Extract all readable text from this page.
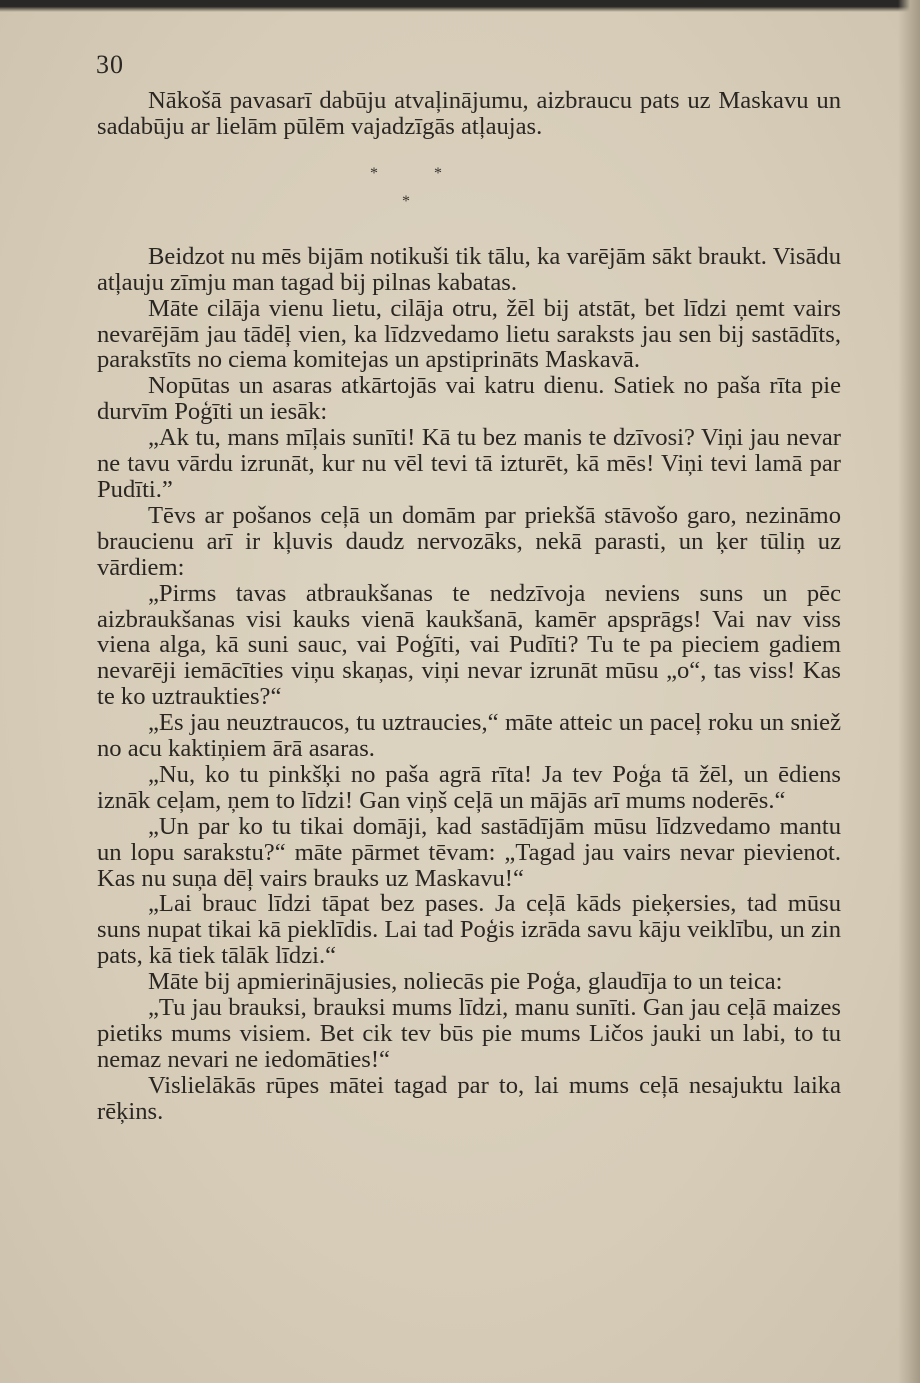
30

Nākošā pavasarī dabūju atvaļinājumu, aizbraucu pats uz Maskavu un sadabūju ar lielām pūlēm vajadzīgās atļaujas.

*	*
*

Beidzot nu mēs bijām notikuši tik tālu, ka varējām sākt braukt. Visādu atļauju zīmju man tagad bij pilnas kabatas.

Māte cilāja vienu lietu, cilāja otru, žēl bij atstāt, bet līdzi ņemt vairs nevarējām jau tādēļ vien, ka līdzvedamo lietu saraksts jau sen bij sastādīts, parakstīts no ciema komitejas un apstiprināts Maskavā.

Nopūtas un asaras atkārtojās vai katru dienu. Satiek no paša rīta pie durvīm Poģīti un iesāk:

„Ak tu, mans mīļais sunīti! Kā tu bez manis te dzīvosi? Viņi jau nevar ne tavu vārdu izrunāt, kur nu vēl tevi tā izturēt, kā mēs! Viņi tevi lamā par Pudīti.”

Tēvs ar pošanos ceļā un domām par priekšā stāvošo garo, nezināmo braucienu arī ir kļuvis daudz nervozāks, nekā parasti, un ķer tūliņ uz vārdiem:

„Pirms tavas atbraukšanas te nedzīvoja neviens suns un pēc aizbraukšanas visi kauks vienā kaukšanā, kamēr apsprāgs! Vai nav viss viena alga, kā suni sauc, vai Poģīti, vai Pudīti? Tu te pa pieciem gadiem nevarēji iemācīties viņu skaņas, viņi nevar izrunāt mūsu „o“, tas viss! Kas te ko uztraukties?“

„Es jau neuztraucos, tu uztraucies,“ māte atteic un paceļ roku un sniež no acu kaktiņiem ārā asaras.

„Nu, ko tu pinkšķi no paša agrā rīta! Ja tev Poģa tā žēl, un ēdiens iznāk ceļam, ņem to līdzi! Gan viņš ceļā un mājās arī mums noderēs.“

„Un par ko tu tikai domāji, kad sastādījām mūsu līdzvedamo mantu un lopu sarakstu?“ māte pārmet tēvam: „Tagad jau vairs nevar pievienot. Kas nu suņa dēļ vairs brauks uz Maskavu!“

„Lai brauc līdzi tāpat bez pases. Ja ceļā kāds pieķersies, tad mūsu suns nupat tikai kā pieklīdis. Lai tad Poģis izrāda savu kāju veiklību, un zin pats, kā tiek tālāk līdzi.“

Māte bij apmierinājusies, noliecās pie Poģa, glaudīja to un teica:

„Tu jau brauksi, brauksi mums līdzi, manu sunīti. Gan jau ceļā maizes pietiks mums visiem. Bet cik tev būs pie mums Ličos jauki un labi, to tu nemaz nevari ne iedomāties!“

Vislielākās rūpes mātei tagad par to, lai mums ceļā nesajuktu laika rēķins.
